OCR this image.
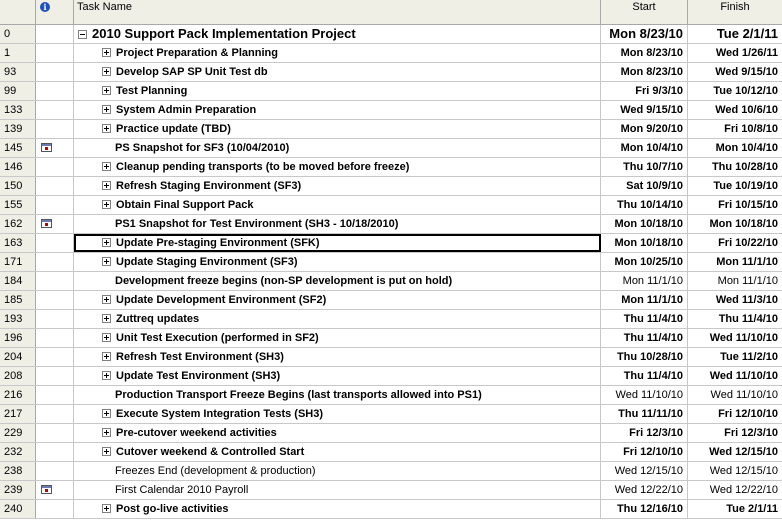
i	Task Name	Start	Finish
0	2010 Support Pack Implementation Project	Mon 8/23/10	Tue 2/1/11
1	Project Preparation & Planning	Mon 8/23/10	Wed 1/26/11
93	Develop SAP SP Unit Test db	Mon 8/23/10	Wed 9/15/10
99	Test Planning	Fri 9/3/10	Tue 10/12/10
133	System Admin Preparation	Wed 9/15/10	Wed 10/6/10
139	Practice update (TBD)	Mon 9/20/10	Fri 10/8/10
145	PS Snapshot for SF3 (10/04/2010)	Mon 10/4/10	Mon 10/4/10
146	Cleanup pending transports (to be moved before freeze)	Thu 10/7/10	Thu 10/28/10
150	Refresh Staging Environment (SF3)	Sat 10/9/10	Tue 10/19/10
155	Obtain Final Support Pack	Thu 10/14/10	Fri 10/15/10
162	PS1 Snapshot for Test Environment (SH3 - 10/18/2010)	Mon 10/18/10	Mon 10/18/10
163	Update Pre-staging Environment (SFK)	Mon 10/18/10	Fri 10/22/10
171	Update Staging Environment (SF3)	Mon 10/25/10	Mon 11/1/10
184	Development freeze begins (non-SP development is put on hold)	Mon 11/1/10	Mon 11/1/10
185	Update Development Environment (SF2)	Mon 11/1/10	Wed 11/3/10
193	Zuttreq updates	Thu 11/4/10	Thu 11/4/10
196	Unit Test Execution (performed in SF2)	Thu 11/4/10	Wed 11/10/10
204	Refresh Test Environment (SH3)	Thu 10/28/10	Tue 11/2/10
208	Update Test Environment (SH3)	Thu 11/4/10	Wed 11/10/10
216	Production Transport Freeze Begins (last transports allowed into PS1)	Wed 11/10/10	Wed 11/10/10
217	Execute System Integration Tests (SH3)	Thu 11/11/10	Fri 12/10/10
229	Pre-cutover weekend activities	Fri 12/3/10	Fri 12/3/10
232	Cutover weekend & Controlled Start	Fri 12/10/10	Wed 12/15/10
238	Freezes End (development & production)	Wed 12/15/10	Wed 12/15/10
239	First Calendar 2010 Payroll	Wed 12/22/10	Wed 12/22/10
240	Post go-live activities	Thu 12/16/10	Tue 2/1/11
